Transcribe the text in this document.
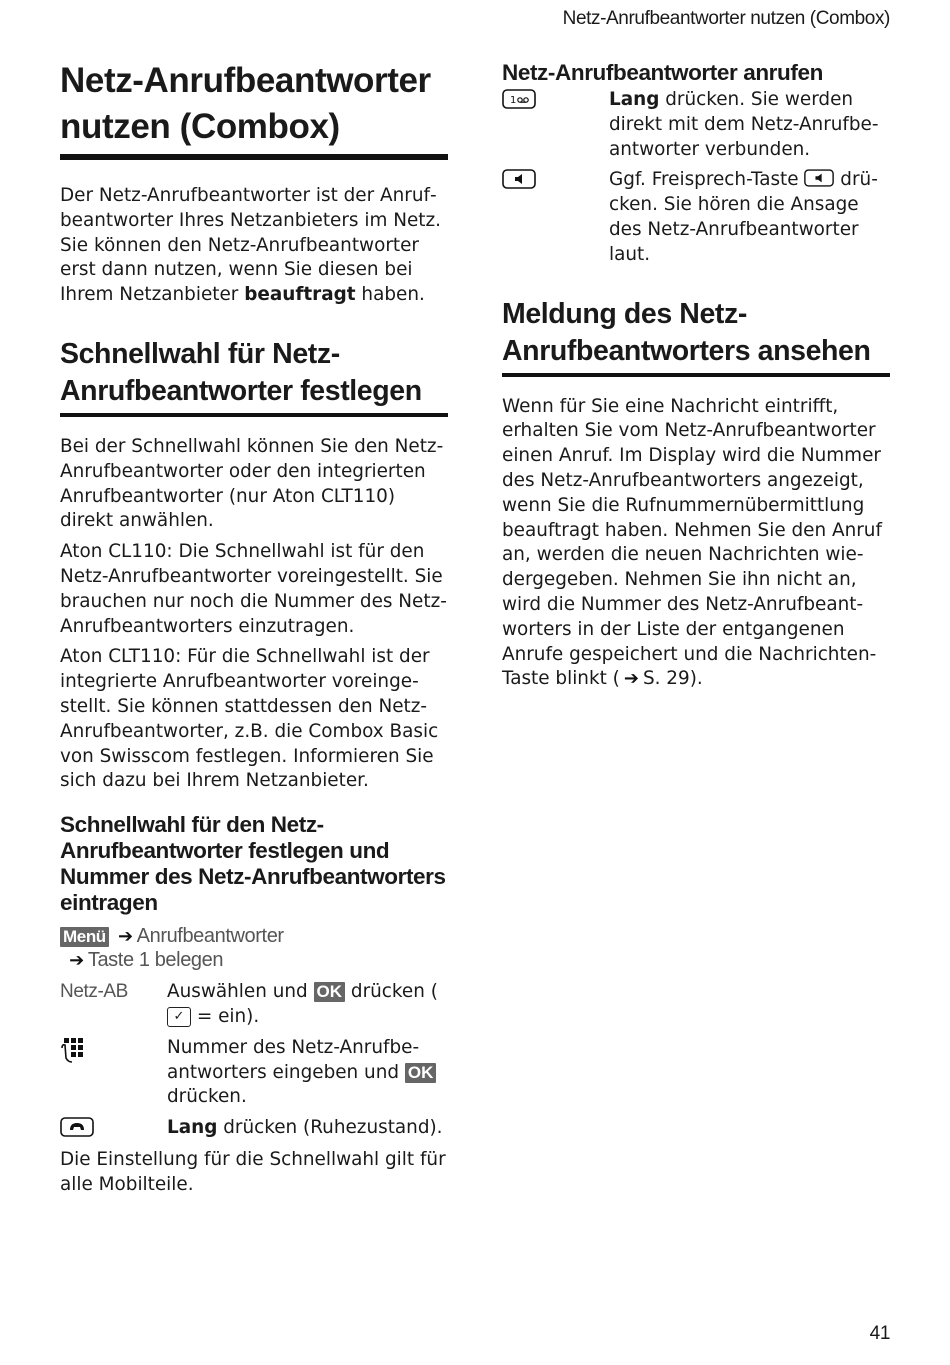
Netz-Anrufbeantworter nutzen (Combox)
Netz-Anrufbeantworter
nutzen (Combox)

Der Netz-Anrufbeantworter ist der Anrufbeantworter Ihres Netzanbieters im Netz. Sie können den Netz-Anrufbeantworter erst dann nutzen, wenn Sie diesen bei Ihrem Netzanbieter beauftragt haben.

Schnellwahl für Netz-
Anrufbeantworter festlegen

Bei der Schnellwahl können Sie den Netz-Anrufbeantworter oder den integrierten Anrufbeantworter (nur Aton CLT110) direkt anwählen.

Aton CL110: Die Schnellwahl ist für den Netz-Anrufbeantworter voreingestellt. Sie brauchen nur noch die Nummer des Netz-Anrufbeantworters einzutragen.

Aton CLT110: Für die Schnellwahl ist der integrierte Anrufbeantworter voreingestellt. Sie können stattdessen den Netz-Anrufbeantworter, z.B. die Combox Basic von Swisscom festlegen. Informieren Sie sich dazu bei Ihrem Netzanbieter.

Schnellwahl für den Netz-Anrufbeantworter festlegen und Nummer des Netz-Anrufbeantworters eintragen
Menü ➔ Anrufbeantworter
➔ Taste 1 belegen
Netz-AB	Auswählen und OK drücken (✓ = ein).
Nummer des Netz-Anrufbeantworters eingeben und OK drücken.
Lang drücken (Ruhezustand).

Die Einstellung für die Schnellwahl gilt für alle Mobilteile.

Netz-Anrufbeantworter anrufen
1	Lang drücken. Sie werden direkt mit dem Netz-Anrufbeantworter verbunden.
Ggf. Freisprech-Taste  drücken. Sie hören die Ansage des Netz-Anrufbeantworter laut.
Meldung des Netz-
Anrufbeantworters ansehen

Wenn für Sie eine Nachricht eintrifft, erhalten Sie vom Netz-Anrufbeantworter einen Anruf. Im Display wird die Nummer des Netz-Anrufbeantworters angezeigt, wenn Sie die Rufnummernübermittlung beauftragt haben. Nehmen Sie den Anruf an, werden die neuen Nachrichten wiedergegeben. Nehmen Sie ihn nicht an, wird die Nummer des Netz-Anrufbeantworters in der Liste der entgangenen Anrufe gespeichert und die Nachrichten-Taste blinkt ( ➔ S. 29).

41
